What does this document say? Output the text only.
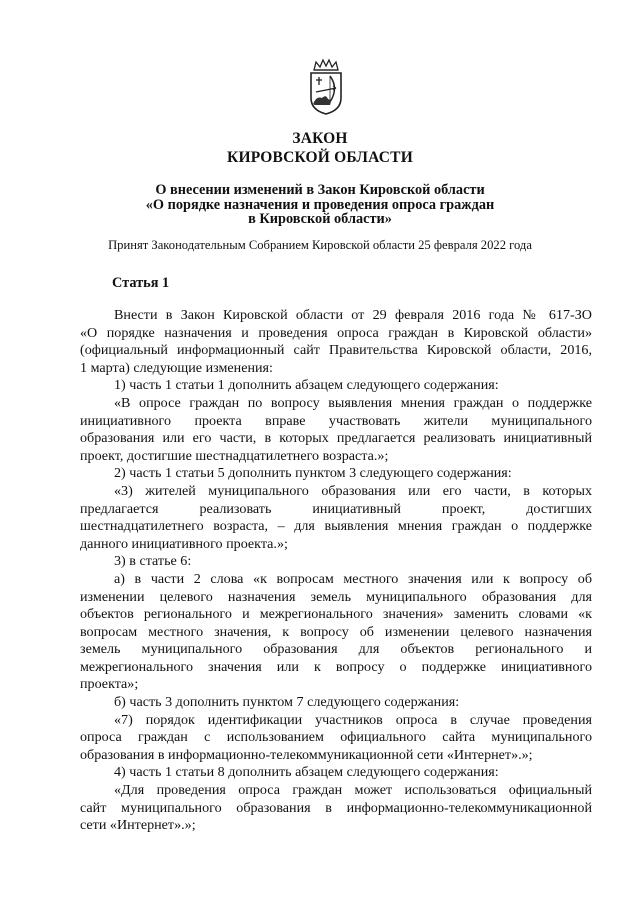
ЗАКОН
КИРОВСКОЙ ОБЛАСТИ
О внесении изменений в Закон Кировской области
«О порядке назначения и проведения опроса граждан
в Кировской области»
Принят Законодательным Собранием Кировской области 25 февраля 2022 года
Статья 1
Внести в Закон Кировской области от 29 февраля 2016 года № 617-ЗО
«О порядке назначения и проведения опроса граждан в Кировской области»
(официальный информационный сайт Правительства Кировской области, 2016,
1 марта) следующие изменения:
1) часть 1 статьи 1 дополнить абзацем следующего содержания:
«В опросе граждан по вопросу выявления мнения граждан о поддержке
инициативного проекта вправе участвовать жители муниципального
образования или его части, в которых предлагается реализовать инициативный
проект, достигшие шестнадцатилетнего возраста.»;
2) часть 1 статьи 5 дополнить пунктом 3 следующего содержания:
«3) жителей муниципального образования или его части, в которых
предлагается реализовать инициативный проект, достигших
шестнадцатилетнего возраста, – для выявления мнения граждан о поддержке
данного инициативного проекта.»;
3) в статье 6:
а) в части 2 слова «к вопросам местного значения или к вопросу об
изменении целевого назначения земель муниципального образования для
объектов регионального и межрегионального значения» заменить словами «к
вопросам местного значения, к вопросу об изменении целевого назначения
земель муниципального образования для объектов регионального и
межрегионального значения или к вопросу о поддержке инициативного
проекта»;
б) часть 3 дополнить пунктом 7 следующего содержания:
«7) порядок идентификации участников опроса в случае проведения
опроса граждан с использованием официального сайта муниципального
образования в информационно-телекоммуникационной сети «Интернет».»;
4) часть 1 статьи 8 дополнить абзацем следующего содержания:
«Для проведения опроса граждан может использоваться официальный
сайт муниципального образования в информационно-телекоммуникационной
сети «Интернет».»;
